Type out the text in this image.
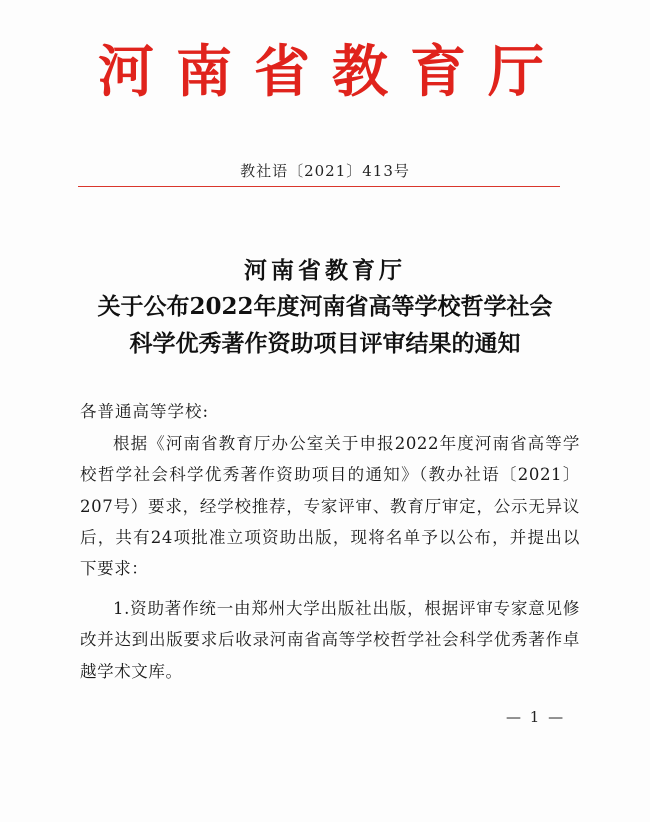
河南省教育厅
教社语〔2021〕413号
河南省教育厅
关于公布2022年度河南省高等学校哲学社会
科学优秀著作资助项目评审结果的通知
各普通高等学校:
根据《河南省教育厅办公室关于申报2022年度河南省高等学校哲学社会科学优秀著作资助项目的通知》（教办社语〔2021〕207号）要求，经学校推荐，专家评审、教育厅审定，公示无异议后，共有24项批准立项资助出版，现将名单予以公布，并提出以下要求：
1.资助著作统一由郑州大学出版社出版，根据评审专家意见修改并达到出版要求后收录河南省高等学校哲学社会科学优秀著作卓越学术文库。
— 1 —
